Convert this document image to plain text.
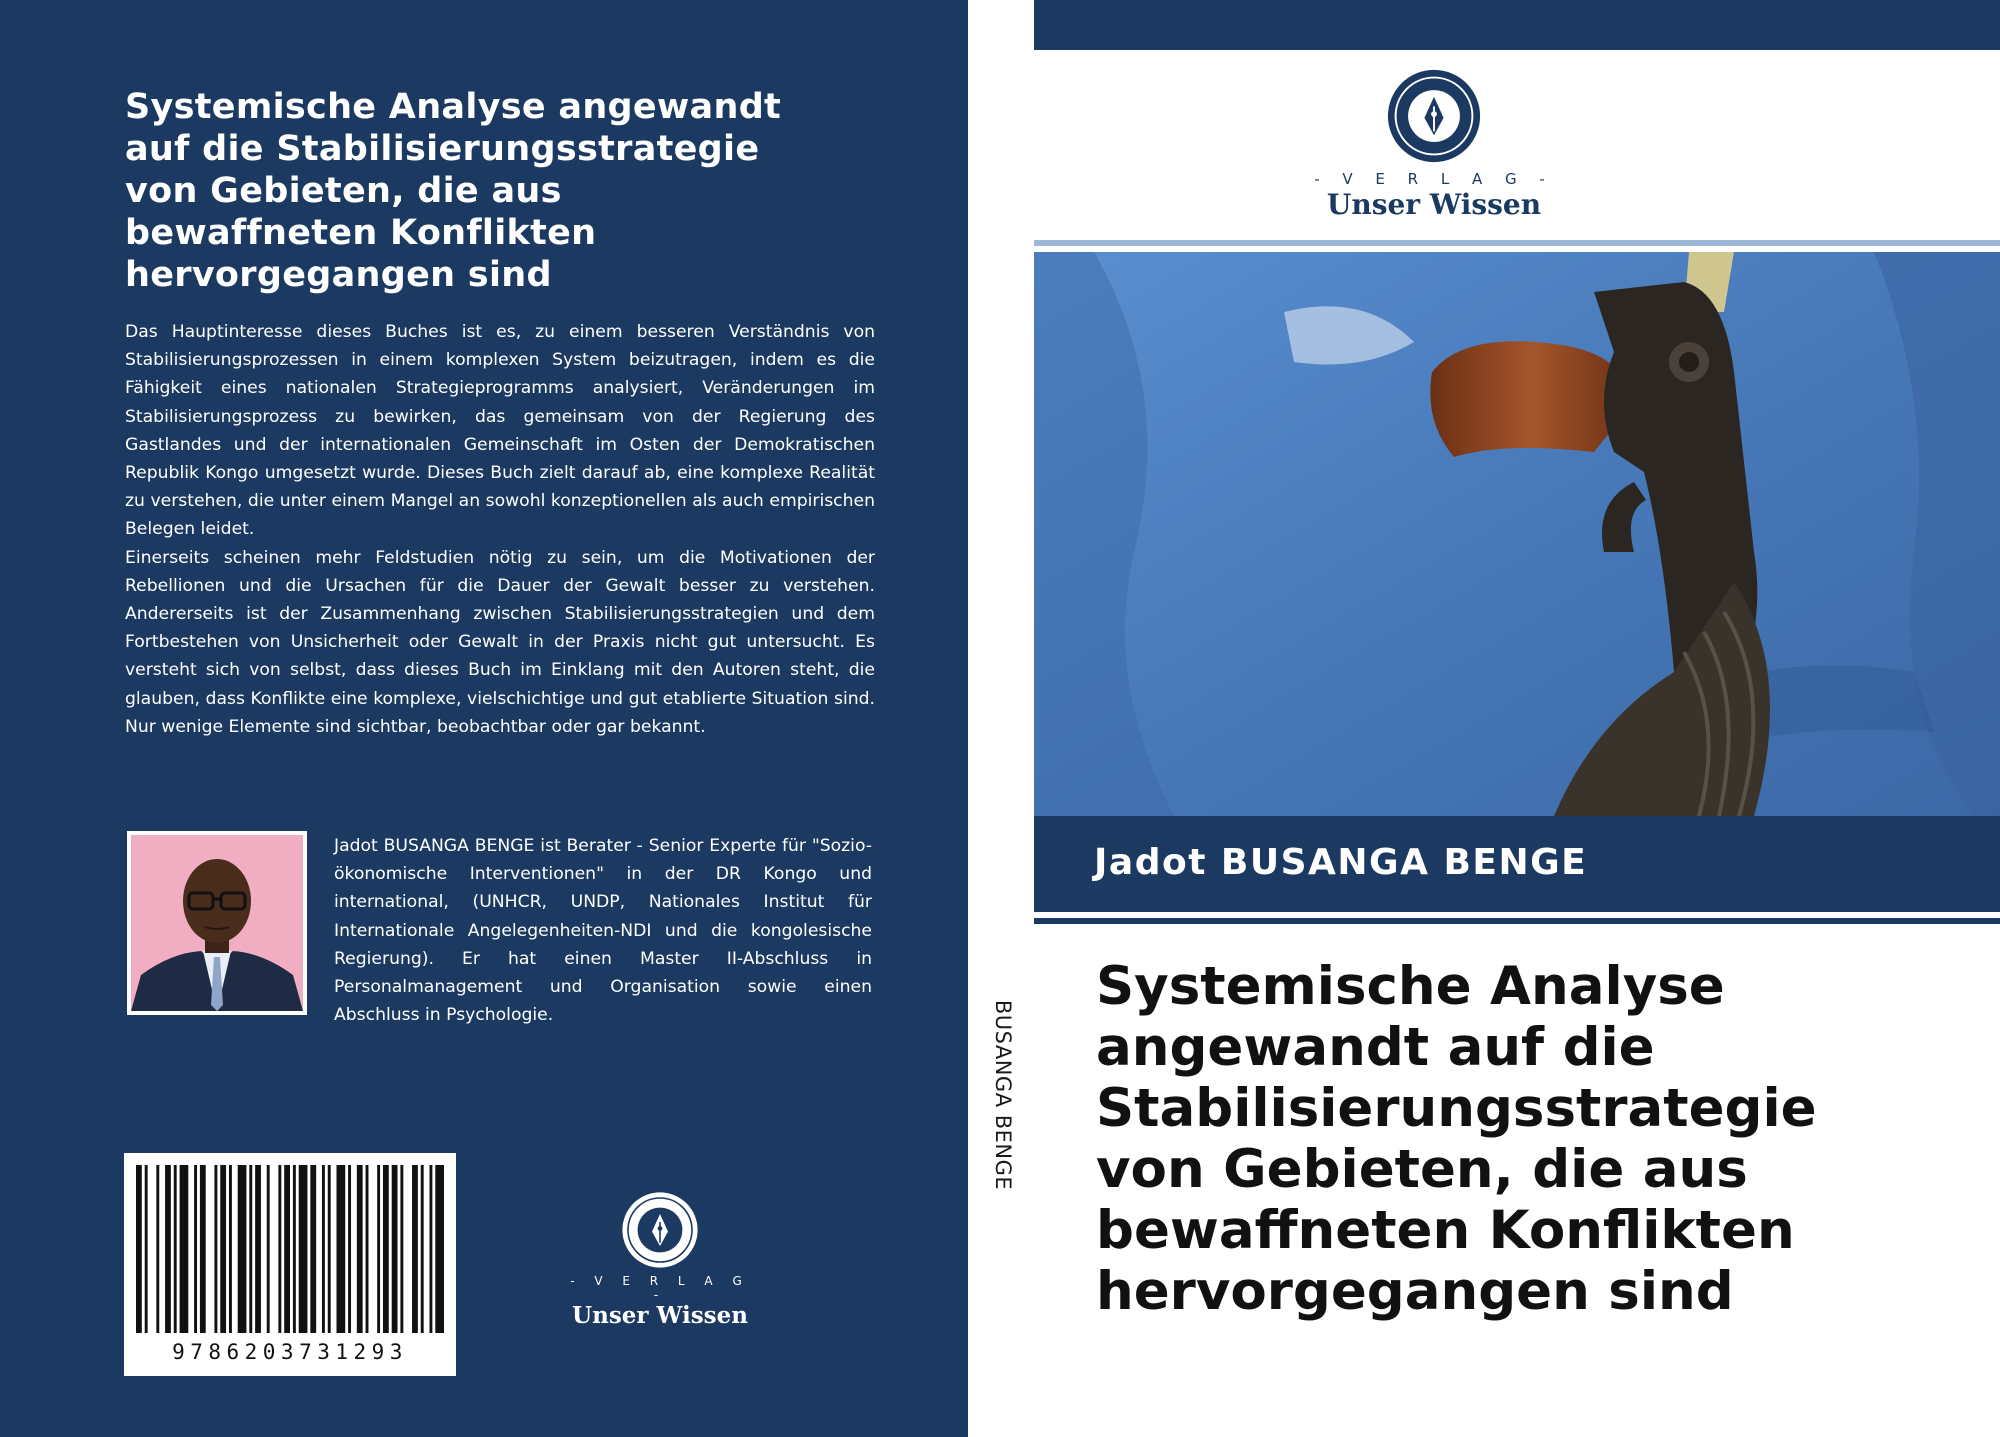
Systemische Analyse angewandt
auf die Stabilisierungsstrategie
von Gebieten, die aus
bewaffneten Konflikten
hervorgegangen sind

Das Hauptinteresse dieses Buches ist es, zu einem besseren Verständnis von Stabilisierungsprozessen in einem komplexen System beizutragen, indem es die Fähigkeit eines nationalen Strategieprogramms analysiert, Veränderungen im Stabilisierungsprozess zu bewirken, das gemeinsam von der Regierung des Gastlandes und der internationalen Gemeinschaft im Osten der Demokratischen Republik Kongo umgesetzt wurde. Dieses Buch zielt darauf ab, eine komplexe Realität zu verstehen, die unter einem Mangel an sowohl konzeptionellen als auch empirischen Belegen leidet.

Einerseits scheinen mehr Feldstudien nötig zu sein, um die Motivationen der Rebellionen und die Ursachen für die Dauer der Gewalt besser zu verstehen. Andererseits ist der Zusammenhang zwischen Stabilisierungsstrategien und dem Fortbestehen von Unsicherheit oder Gewalt in der Praxis nicht gut untersucht. Es versteht sich von selbst, dass dieses Buch im Einklang mit den Autoren steht, die glauben, dass Konflikte eine komplexe, vielschichtige und gut etablierte Situation sind. Nur wenige Elemente sind sichtbar, beobachtbar oder gar bekannt.

Jadot BUSANGA BENGE ist Berater - Senior Experte für "Sozio-ökonomische Interventionen" in der DR Kongo und international, (UNHCR, UNDP, Nationales Institut für Internationale Angelegenheiten-NDI und die kongolesische Regierung). Er hat einen Master II-Abschluss in Personalmanagement und Organisation sowie einen Abschluss in Psychologie.

9786203731293
- V E R L A G -
Unser Wissen
BUSANGA BENGE
- V E R L A G -
Unser Wissen
Jadot BUSANGA BENGE
Systemische Analyse
angewandt auf die
Stabilisierungsstrategie
von Gebieten, die aus
bewaffneten Konflikten
hervorgegangen sind
